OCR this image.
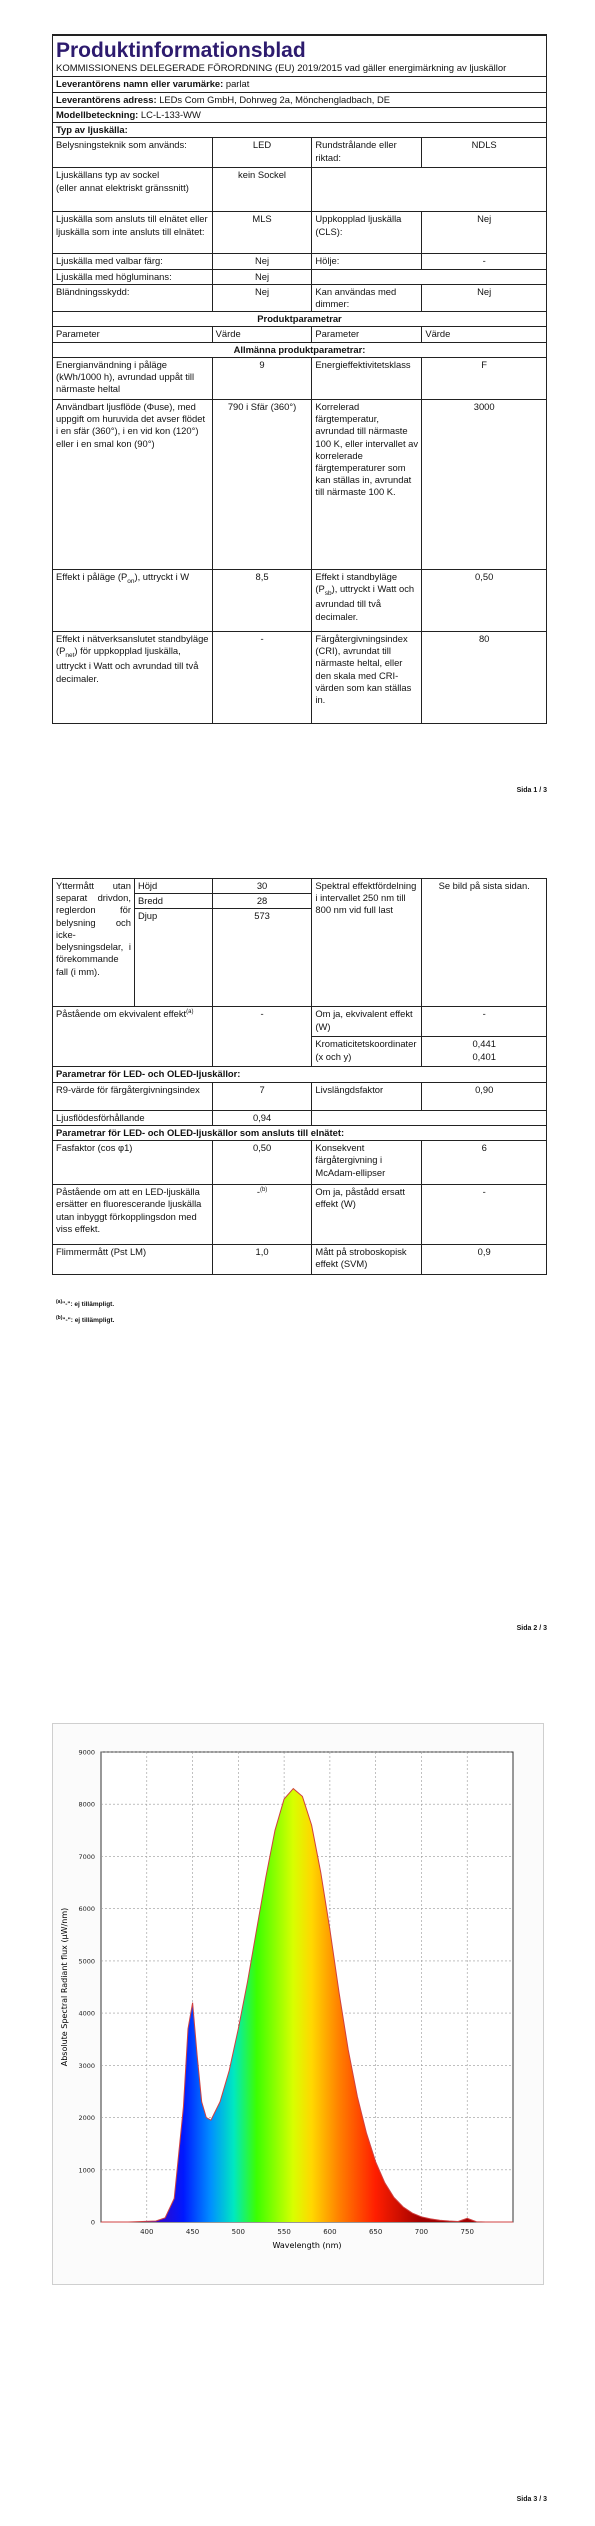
Produktinformationsblad
KOMMISSIONENS DELEGERADE FÖRORDNING (EU) 2019/2015 vad gäller energimärkning av ljuskällor			

Leverantörens namn eller varumärke: parlat			
Leverantörens adress: LEDs Com GmbH, Dohrweg 2a, Mönchengladbach, DE			
Modellbeteckning: LC-L-133-WW			
Typ av ljuskälla:			
Belysningsteknik som används:	LED	Rundstrålande eller riktad:	NDLS

Ljuskällans typ av sockel
(eller annat elektriskt gränssnitt)	kein Sockel		
Ljuskälla som ansluts till elnätet eller ljuskälla som inte ansluts till elnätet:	MLS	Uppkopplad ljuskälla (CLS):	Nej
Ljuskälla med valbar färg:	Nej	Hölje:	-
Ljuskälla med högluminans:	Nej		
Bländningsskydd:	Nej	Kan användas med dimmer:	Nej
Produktparametrar			
Parameter	Värde	Parameter	Värde
Allmänna produktparametrar:			
Energianvändning i påläge (kWh/1000 h), avrundad uppåt till närmaste heltal	9	Energieffektivitetsklass	F
Användbart ljusflöde (Φuse), med uppgift om huruvida det avser flödet i en sfär (360°), i en vid kon (120°) eller i en smal kon (90°)	790 i Sfär (360°)	Korrelerad färgtemperatur, avrundad till närmaste 100 K, eller intervallet av korrelerade färgtemperaturer som kan ställas in, avrundat till närmaste 100 K.	3000
Effekt i påläge $(P_{on})$, uttryckt i W	8,5	Effekt i standbyläge $(P_{sb})$, uttryckt i Watt och avrundad till två decimaler.	0,50
Effekt i nätverksanslutet standbyläge $(P_{net})$ för uppkopplad ljuskälla, uttryckt i Watt och avrundad till två decimaler.	-	Färgåtergivningsindex (CRI), avrundat till närmaste heltal, eller den skala med CRI-värden som kan ställas in.	80
Sida 1 / 3
Yttermått utan separat drivdon, reglerdon för belysning och icke-belysningsdelar, i förekommande fall (i mm).	Höjd	30	Spektral effektfördelning i intervallet 250 nm till 800 nm vid full last	Se bild på sista sidan.
	Bredd	28		
	Djup	573		
Påstående om ekvivalent effekt$^{(a)}$		-	Om ja, ekvivalent effekt (W)	-
			Kromaticitetskoordinater (x och y)	0,441
0,401

Parametrar för LED- och OLED-ljuskällor:				
R9-värde för färgåtergivningsindex		7	Livslängdsfaktor	0,90
Ljusflödesförhållande		0,94		
Parametrar för LED- och OLED-ljuskällor som ansluts till elnätet:				
Fasfaktor (cos φ1)		0,50	Konsekvent färgåtergivning i McAdam-ellipser	6
Påstående om att en LED-ljuskälla ersätter en fluorescerande ljuskälla utan inbyggt förkopplingsdon med viss effekt.		-$^{(b)}$	Om ja, påstådd ersatt effekt (W)	-
Flimmermått (Pst LM)		1,0	Mått på stroboskopisk effekt (SVM)	0,9
$^{(a)}$"-": ej tillämpligt.
$^{(b)}$"-": ej tillämpligt.
Sida 2 / 3
400	450	500	550	600	650	700	750
0
1000
2000
3000
4000
5000
6000
7000
8000
9000
Wavelength (nm)
Absolute Spectral Radiant flux (μW/nm)
Sida 3 / 3
